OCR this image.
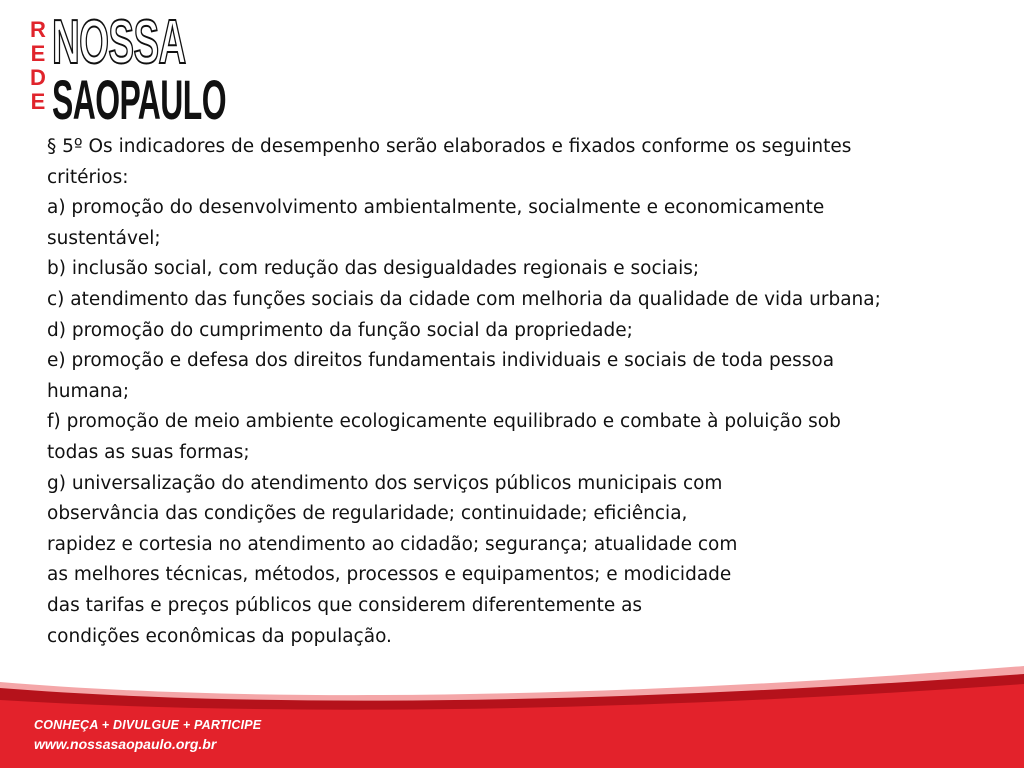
R
E
D
E
NOSSA
SAOPAULO
§ 5º Os indicadores de desempenho serão elaborados e fixados conforme os seguintes
critérios:
a) promoção do desenvolvimento ambientalmente, socialmente e economicamente
sustentável;
b) inclusão social, com redução das desigualdades regionais e sociais;
c) atendimento das funções sociais da cidade com melhoria da qualidade de vida urbana;
d) promoção do cumprimento da função social da propriedade;
e) promoção e defesa dos direitos fundamentais individuais e sociais de toda pessoa
humana;
f) promoção de meio ambiente ecologicamente equilibrado e combate à poluição sob
todas as suas formas;
g) universalização do atendimento dos serviços públicos municipais com
observância das condições de regularidade; continuidade; eficiência,
rapidez e cortesia no atendimento ao cidadão; segurança; atualidade com
as melhores técnicas, métodos, processos e equipamentos; e modicidade
das tarifas e preços públicos que considerem diferentemente as
condições econômicas da população.
CONHEÇA + DIVULGUE + PARTICIPE
www.nossasaopaulo.org.br
